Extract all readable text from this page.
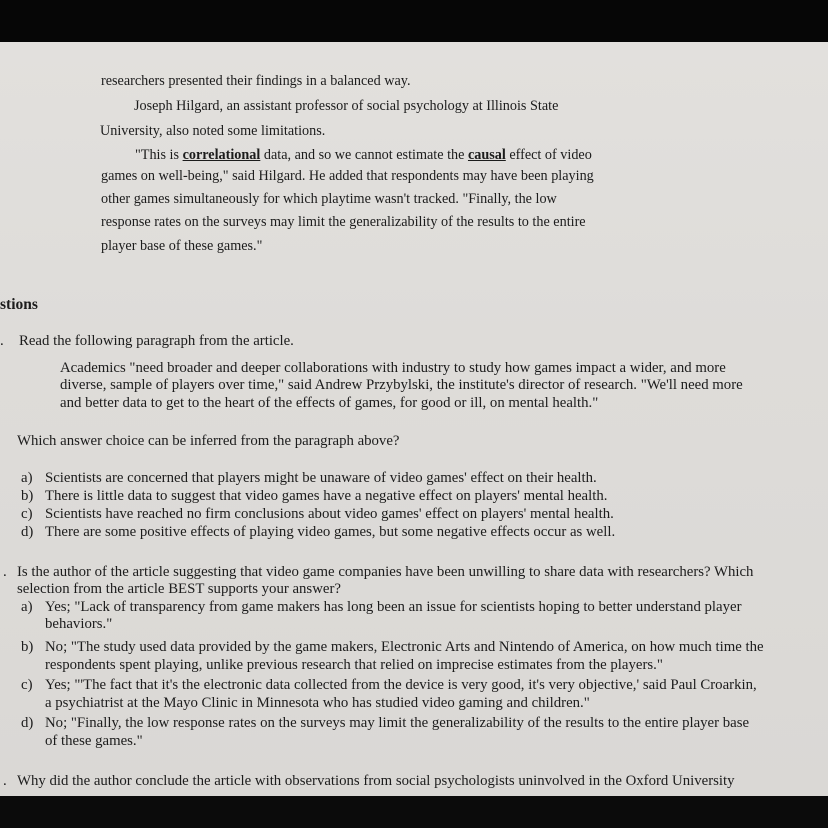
researchers presented their findings in a balanced way.
Joseph Hilgard, an assistant professor of social psychology at Illinois State
University, also noted some limitations.
"This is correlational data, and so we cannot estimate the causal effect of video
games on well-being," said Hilgard. He added that respondents may have been playing
other games simultaneously for which playtime wasn't tracked. "Finally, the low
response rates on the surveys may limit the generalizability of the results to the entire
player base of these games."
stions
. Read the following paragraph from the article.
Academics "need broader and deeper collaborations with industry to study how games impact a wider, and more
diverse, sample of players over time," said Andrew Przybylski, the institute's director of research. "We'll need more
and better data to get to the heart of the effects of games, for good or ill, on mental health."
Which answer choice can be inferred from the paragraph above?
a) Scientists are concerned that players might be unaware of video games' effect on their health.
b) There is little data to suggest that video games have a negative effect on players' mental health.
c) Scientists have reached no firm conclusions about video games' effect on players' mental health.
d) There are some positive effects of playing video games, but some negative effects occur as well.
. Is the author of the article suggesting that video game companies have been unwilling to share data with researchers? Which
selection from the article BEST supports your answer?
a) Yes; "Lack of transparency from game makers has long been an issue for scientists hoping to better understand player
behaviors."
b) No; "The study used data provided by the game makers, Electronic Arts and Nintendo of America, on how much time the
respondents spent playing, unlike previous research that relied on imprecise estimates from the players."
c) Yes; "'The fact that it's the electronic data collected from the device is very good, it's very objective,' said Paul Croarkin,
a psychiatrist at the Mayo Clinic in Minnesota who has studied video gaming and children."
d) No; "Finally, the low response rates on the surveys may limit the generalizability of the results to the entire player base
of these games."
. Why did the author conclude the article with observations from social psychologists uninvolved in the Oxford University
